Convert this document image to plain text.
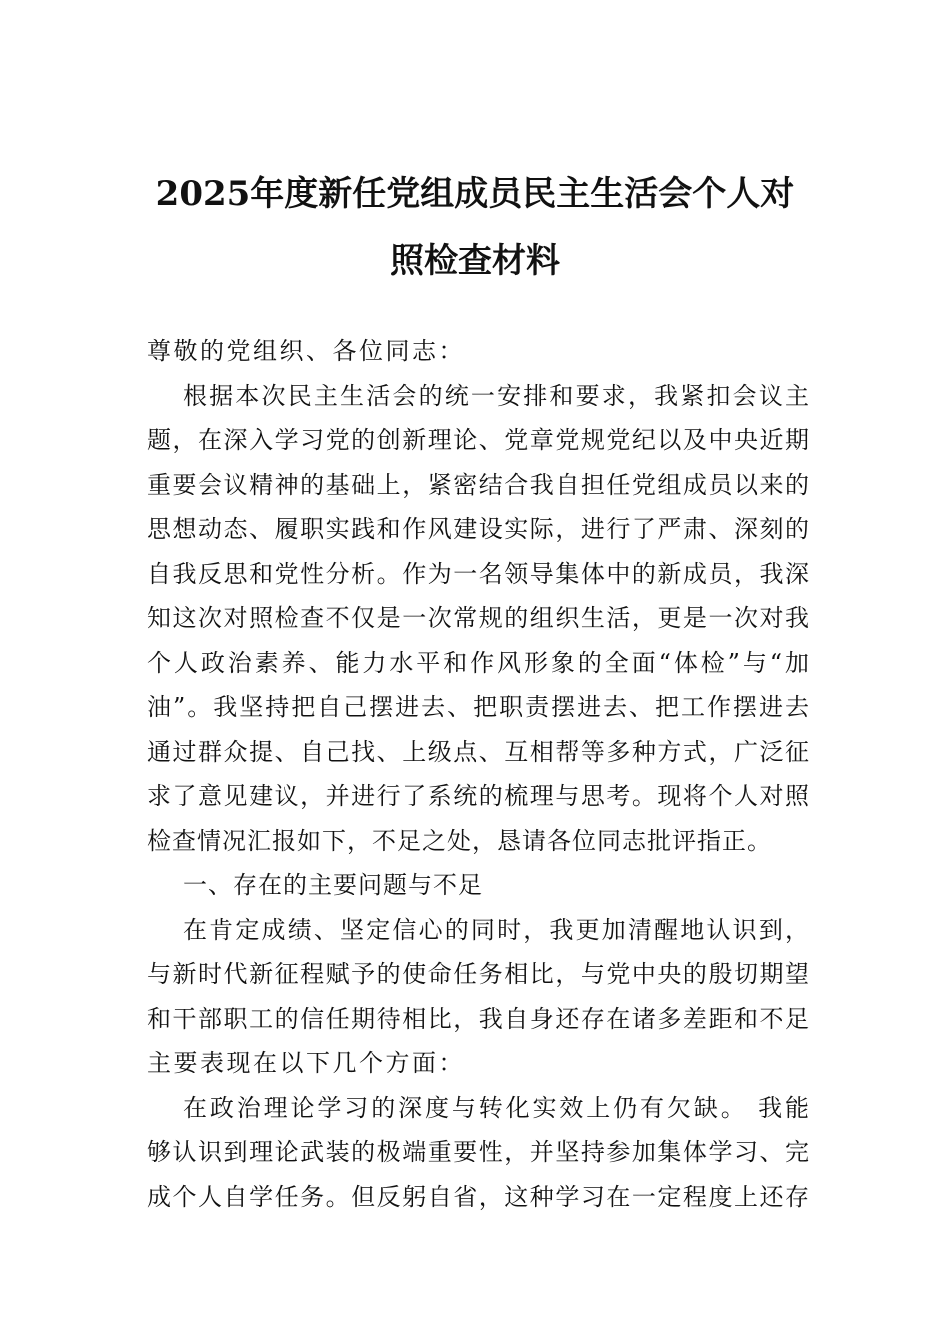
2025年度新任党组成员民主生活会个人对
照检查材料
尊敬的党组织、各位同志：
根据本次民主生活会的统一安排和要求，我紧扣会议主
题，在深入学习党的创新理论、党章党规党纪以及中央近期
重要会议精神的基础上，紧密结合我自担任党组成员以来的
思想动态、履职实践和作风建设实际，进行了严肃、深刻的
自我反思和党性分析。作为一名领导集体中的新成员，我深
知这次对照检查不仅是一次常规的组织生活，更是一次对我
个人政治素养、能力水平和作风形象的全面“体检”与“加
油”。我坚持把自己摆进去、把职责摆进去、把工作摆进去
通过群众提、自己找、上级点、互相帮等多种方式，广泛征
求了意见建议，并进行了系统的梳理与思考。现将个人对照
检查情况汇报如下，不足之处，恳请各位同志批评指正。
一、存在的主要问题与不足
在肯定成绩、坚定信心的同时，我更加清醒地认识到，
与新时代新征程赋予的使命任务相比，与党中央的殷切期望
和干部职工的信任期待相比，我自身还存在诸多差距和不足
主要表现在以下几个方面：
在政治理论学习的深度与转化实效上仍有欠缺。 我能
够认识到理论武装的极端重要性，并坚持参加集体学习、完
成个人自学任务。但反躬自省，这种学习在一定程度上还存
